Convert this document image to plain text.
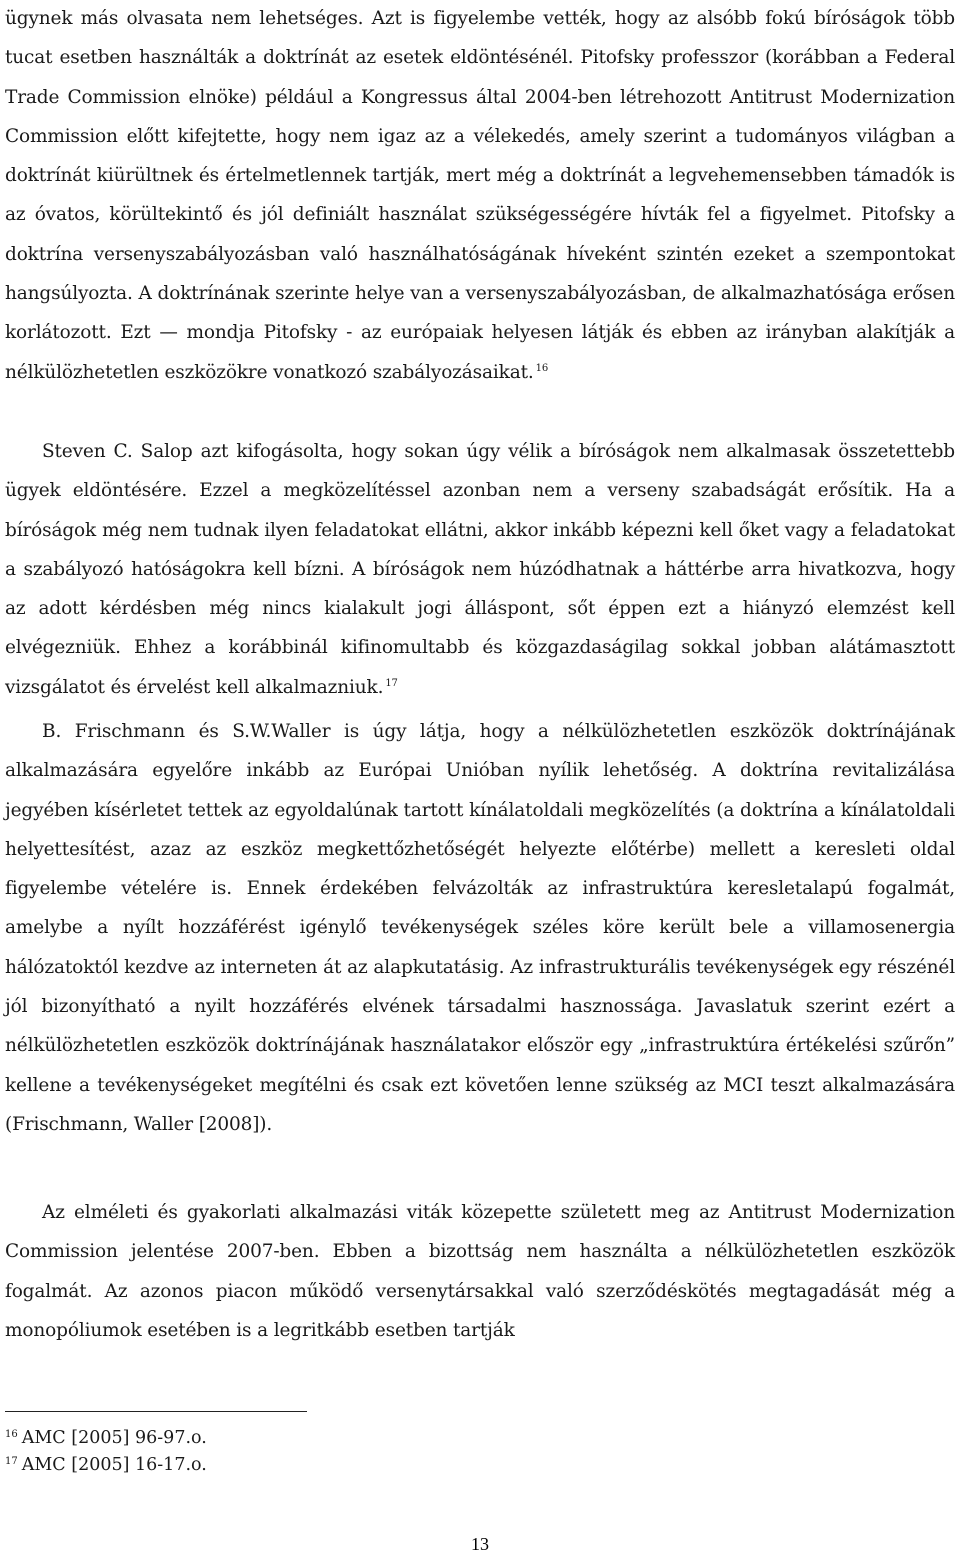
ügynek más olvasata nem lehetséges. Azt is figyelembe vették, hogy az alsóbb fokú bíróságok több tucat esetben használták a doktrínát az esetek eldöntésénél. Pitofsky professzor (korábban a Federal Trade Commission elnöke) például a Kongressus által 2004-ben létrehozott Antitrust Modernization Commission előtt kifejtette, hogy nem igaz az a vélekedés, amely szerint a tudományos világban a doktrínát kiürültnek és értelmetlennek tartják, mert még a doktrínát a legvehemensebben támadók is az óvatos, körültekintő és jól definiált használat szükségességére hívták fel a figyelmet. Pitofsky a doktrína versenyszabályozásban való használhatóságának híveként szintén ezeket a szempontokat hangsúlyozta. A doktrínának szerinte helye van a versenyszabályozásban, de alkalmazhatósága erősen korlátozott. Ezt — mondja Pitofsky - az európaiak helyesen látják és ebben az irányban alakítják a nélkülözhetetlen eszközökre vonatkozó szabályozásaikat. $^{16}$

Steven C. Salop azt kifogásolta, hogy sokan úgy vélik a bíróságok nem alkalmasak összetettebb ügyek eldöntésére. Ezzel a megközelítéssel azonban nem a verseny szabadságát erősítik. Ha a bíróságok még nem tudnak ilyen feladatokat ellátni, akkor inkább képezni kell őket vagy a feladatokat a szabályozó hatóságokra kell bízni. A bíróságok nem húzódhatnak a háttérbe arra hivatkozva, hogy az adott kérdésben még nincs kialakult jogi álláspont, sőt éppen ezt a hiányzó elemzést kell elvégezniük. Ehhez a korábbinál kifinomultabb és közgazdaságilag sokkal jobban alátámasztott vizsgálatot és érvelést kell alkalmazniuk. $^{17}$

B. Frischmann és S.W.Waller is úgy látja, hogy a nélkülözhetetlen eszközök doktrínájának alkalmazására egyelőre inkább az Európai Unióban nyílik lehetőség. A doktrína revitalizálása jegyében kísérletet tettek az egyoldalúnak tartott kínálatoldali megközelítés (a doktrína a kínálatoldali helyettesítést, azaz az eszköz megkettőzhetőségét helyezte előtérbe) mellett a keresleti oldal figyelembe vételére is. Ennek érdekében felvázolták az infrastruktúra keresletalapú fogalmát, amelybe a nyílt hozzáférést igénylő tevékenységek széles köre került bele a villamosenergia hálózatoktól kezdve az interneten át az alapkutatásig. Az infrastrukturális tevékenységek egy részénél jól bizonyítható a nyilt hozzáférés elvének társadalmi hasznossága. Javaslatuk szerint ezért a nélkülözhetetlen eszközök doktrínájának használatakor először egy „infrastruktúra értékelési szűrőn” kellene a tevékenységeket megítélni és csak ezt követően lenne szükség az MCI teszt alkalmazására (Frischmann, Waller [2008]).

Az elméleti és gyakorlati alkalmazási viták közepette született meg az Antitrust Modernization Commission jelentése 2007-ben. Ebben a bizottság nem használta a nélkülözhetetlen eszközök fogalmát. Az azonos piacon működő versenytársakkal való szerződéskötés megtagadását még a monopóliumok esetében is a legritkább esetben tartják

$^{16}$ AMC [2005] 96-97.o.
$^{17}$ AMC [2005] 16-17.o.
13
